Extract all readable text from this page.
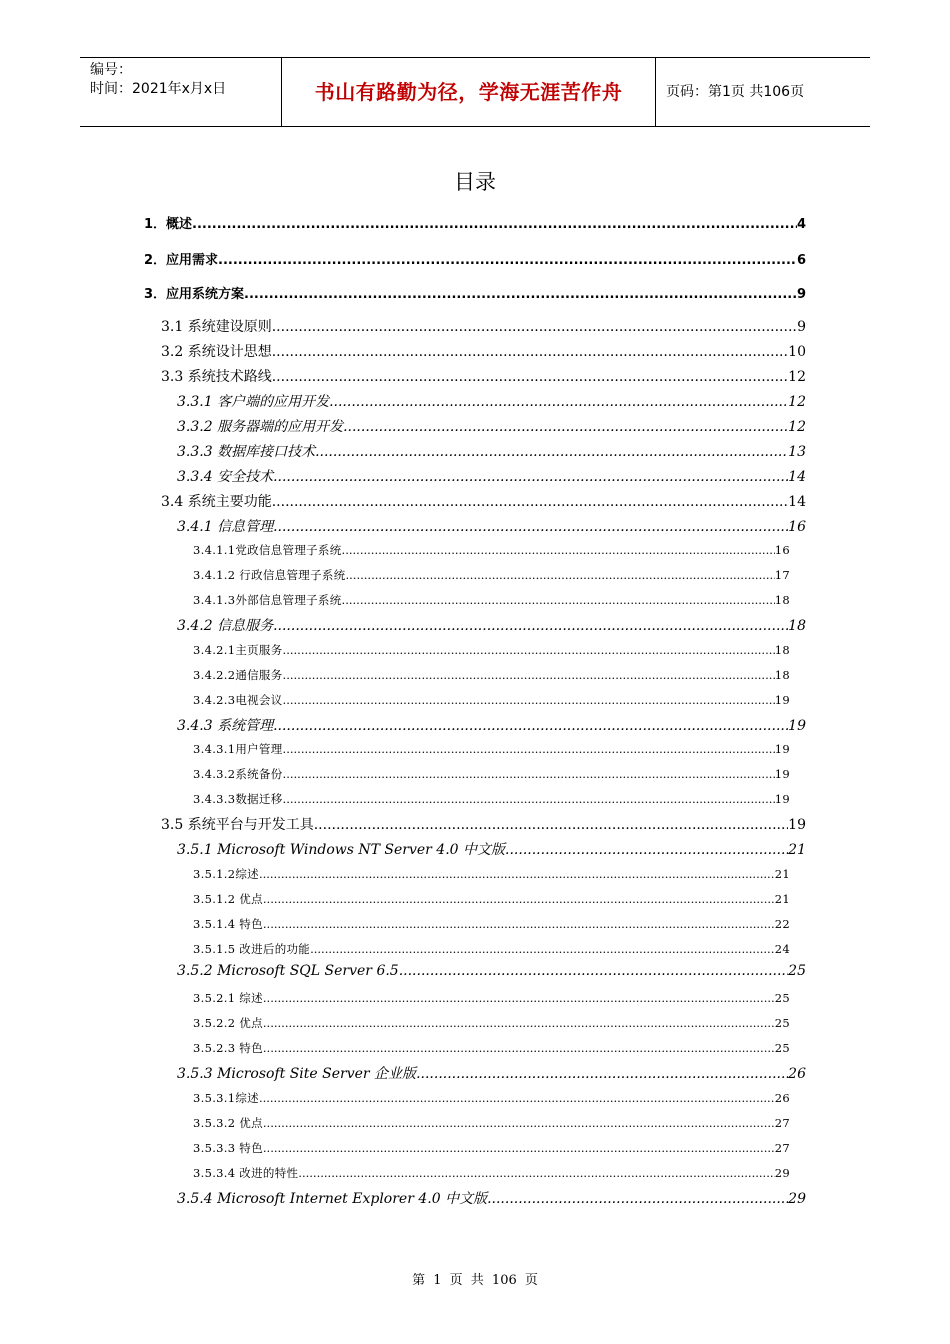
编号：
时间：2021年x月x日	书山有路勤为径，学海无涯苦作舟	页码：第1页 共106页
目录
1．概述 .....	4
2．应用需求 .....	6
3．应用系统方案 .....	9
3.1 系统建设原则 .....	9
3.2 系统设计思想 .....	10
3.3 系统技术路线 .....	12
3.3.1 客户端的应用开发 .....	12
3.3.2 服务器端的应用开发 .....	12
3.3.3 数据库接口技术 .....	13
3.3.4 安全技术 .....	14
3.4 系统主要功能 .....	14
3.4.1 信息管理 .....	16
3.4.1.1党政信息管理子系统 .....	16
3.4.1.2 行政信息管理子系统 .....	17
3.4.1.3外部信息管理子系统 .....	18
3.4.2 信息服务 .....	18
3.4.2.1主页服务 .....	18
3.4.2.2通信服务 .....	18
3.4.2.3电视会议 .....	19
3.4.3 系统管理 .....	19
3.4.3.1用户管理 .....	19
3.4.3.2系统备份 .....	19
3.4.3.3数据迁移 .....	19
3.5 系统平台与开发工具 .....	19
3.5.1 Microsoft Windows NT Server 4.0 中文版 .....	21
3.5.1.2综述 .....	21
3.5.1.2 优点 .....	21
3.5.1.4 特色 .....	22
3.5.1.5 改进后的功能 .....	24
3.5.2 Microsoft SQL Server 6.5 .....	25
3.5.2.1 综述 .....	25
3.5.2.2 优点 .....	25
3.5.2.3 特色 .....	25
3.5.3 Microsoft Site Server 企业版 .....	26
3.5.3.1综述 .....	26
3.5.3.2 优点 .....	27
3.5.3.3 特色 .....	27
3.5.3.4 改进的特性 .....	29
3.5.4 Microsoft Internet Explorer 4.0 中文版 .....	29
第 1 页 共 106 页
